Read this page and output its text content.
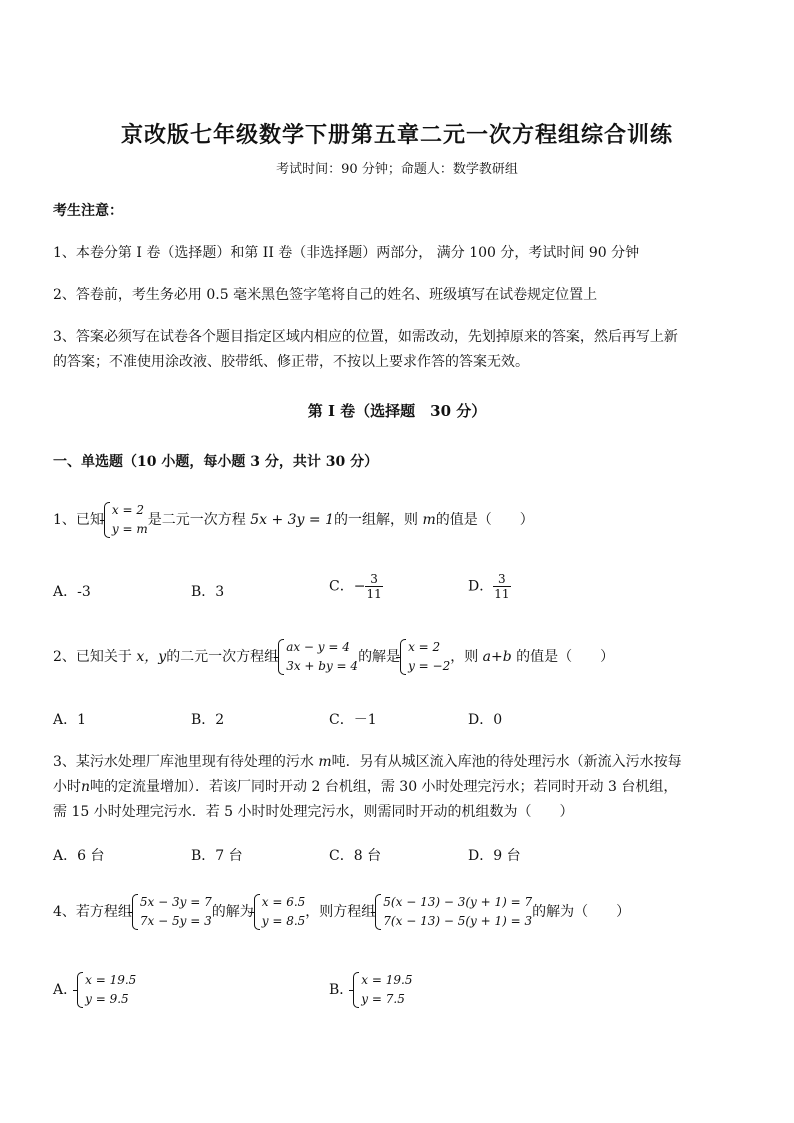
京改版七年级数学下册第五章二元一次方程组综合训练
考试时间：90 分钟；命题人：数学教研组
考生注意：
1、本卷分第 I 卷（选择题）和第 II 卷（非选择题）两部分， 满分 100 分，考试时间 90 分钟
2、答卷前，考生务必用 0.5 毫米黑色签字笔将自己的姓名、班级填写在试卷规定位置上
3、答案必须写在试卷各个题目指定区域内相应的位置，如需改动，先划掉原来的答案，然后再写上新
的答案；不准使用涂改液、胶带纸、修正带，不按以上要求作答的答案无效。
第 I 卷（选择题　30 分）
一、单选题（10 小题，每小题 3 分，共计 30 分）
1、已知
x = 2
y = m
是二元一次方程 5x + 3y = 1的一组解，则 m的值是（　　）
A．-3	B．3	C．− $\frac{3}{11}$	D． $\frac{3}{11}$
2、已知关于 x，y的二元一次方程组
ax − y = 4
3x + by = 4
的解是
x = 2
y = −2
，则 a+b 的值是（　　）
A．1	B．2	C．－1	D．0
3、某污水处理厂库池里现有待处理的污水 m吨．另有从城区流入库池的待处理污水（新流入污水按每
小时n吨的定流量增加）．若该厂同时开动 2 台机组，需 30 小时处理完污水；若同时开动 3 台机组，
需 15 小时处理完污水．若 5 小时时处理完污水，则需同时开动的机组数为（　　）
A．6 台	B．7 台	C．8 台	D．9 台
4、若方程组
5x − 3y = 7
7x − 5y = 3
的解为
x = 6.5
y = 8.5
，则方程组
5(x − 13) − 3(y + 1) = 7
7(x − 13) − 5(y + 1) = 3
的解为（　　）
A．
x = 19.5
y = 9.5
B．
x = 19.5
y = 7.5
